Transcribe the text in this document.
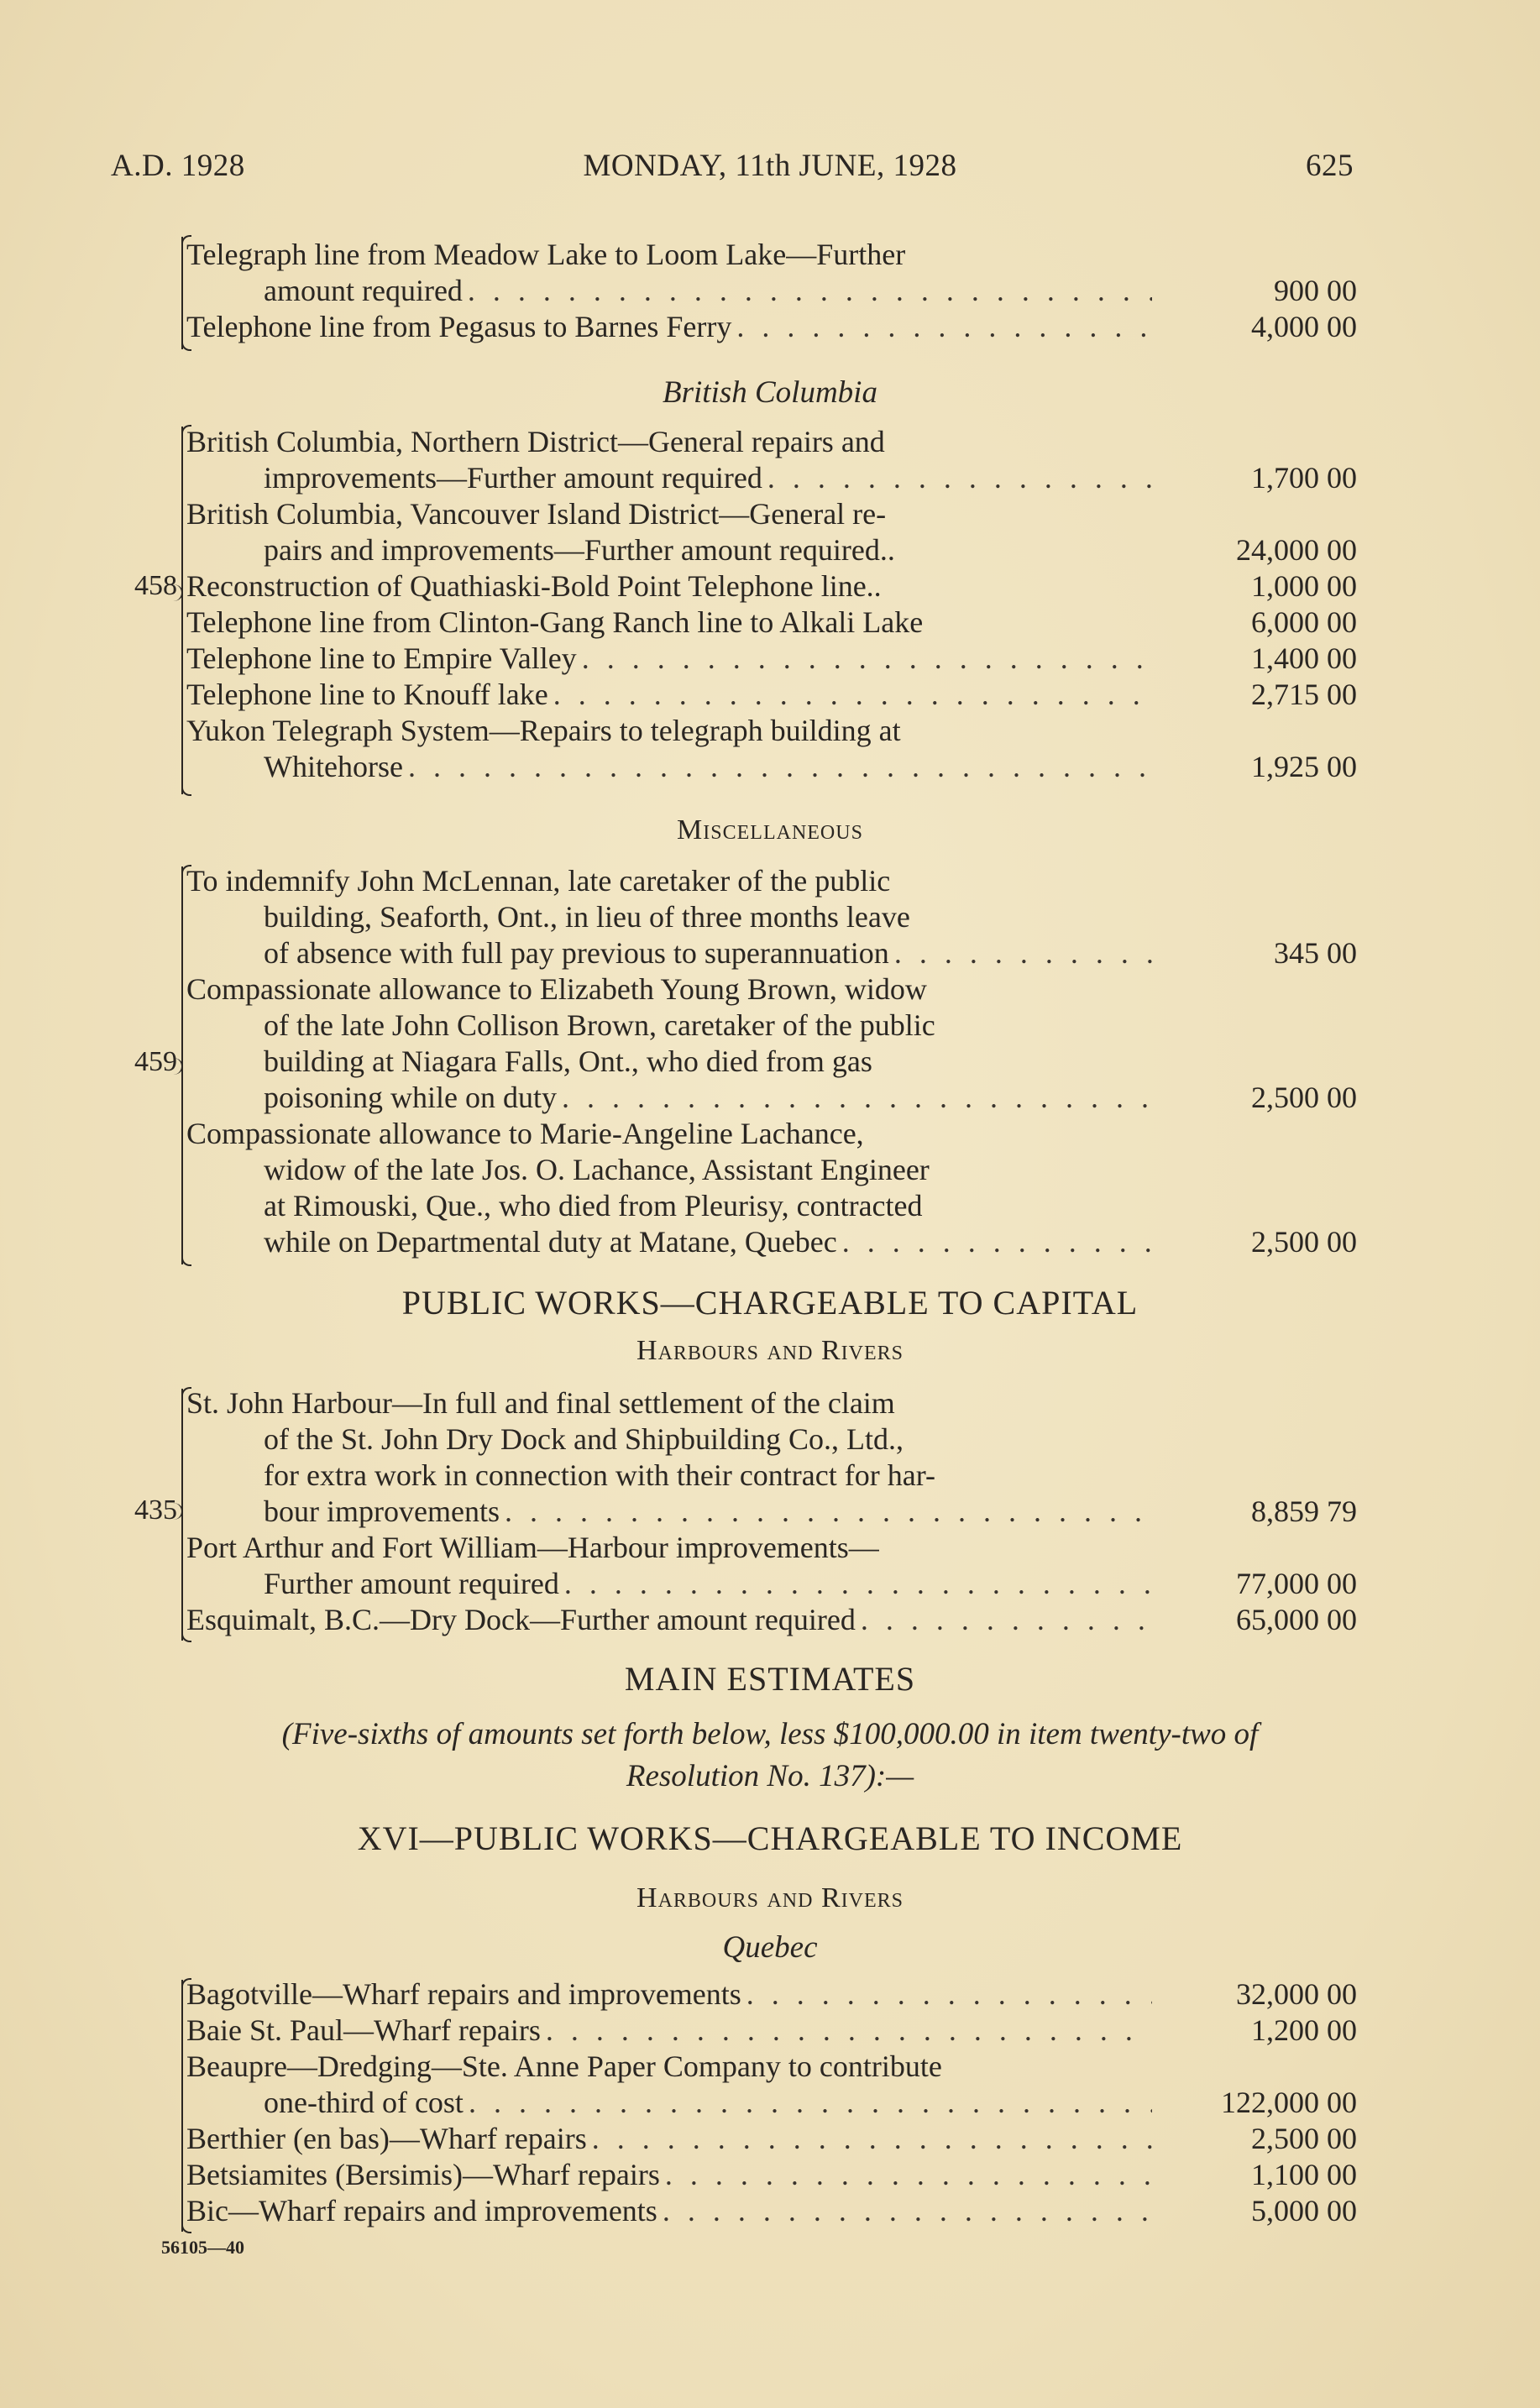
A.D. 1928	MONDAY, 11th JUNE, 1928	625
Telegraph line from Meadow Lake to Loom Lake—Further
amount required . . .	900 00
Telephone line from Pegasus to Barnes Ferry . . .	4,000 00
British Columbia
458
British Columbia, Northern District—General repairs and
improvements—Further amount required . . .	1,700 00
British Columbia, Vancouver Island District—General re-
pairs and improvements—Further amount required..	24,000 00
Reconstruction of Quathiaski-Bold Point Telephone line..	1,000 00
Telephone line from Clinton-Gang Ranch line to Alkali Lake	6,000 00
Telephone line to Empire Valley . . .	1,400 00
Telephone line to Knouff lake . . .	2,715 00
Yukon Telegraph System—Repairs to telegraph building at
Whitehorse . . .	1,925 00
Miscellaneous
459
To indemnify John McLennan, late caretaker of the public
building, Seaforth, Ont., in lieu of three months leave
of absence with full pay previous to superannuation . . .	345 00
Compassionate allowance to Elizabeth Young Brown, widow
of the late John Collison Brown, caretaker of the public
building at Niagara Falls, Ont., who died from gas
poisoning while on duty . . .	2,500 00
Compassionate allowance to Marie-Angeline Lachance,
widow of the late Jos. O. Lachance, Assistant Engineer
at Rimouski, Que., who died from Pleurisy, contracted
while on Departmental duty at Matane, Quebec . . .	2,500 00
PUBLIC WORKS—CHARGEABLE TO CAPITAL
Harbours and Rivers
435
St. John Harbour—In full and final settlement of the claim
of the St. John Dry Dock and Shipbuilding Co., Ltd.,
for extra work in connection with their contract for har-
bour improvements . . .	8,859 79
Port Arthur and Fort William—Harbour improvements—
Further amount required . . .	77,000 00
Esquimalt, B.C.—Dry Dock—Further amount required . . .	65,000 00
MAIN ESTIMATES
(Five-sixths of amounts set forth below, less $100,000.00 in item twenty-two of
Resolution No. 137):—
XVI—PUBLIC WORKS—CHARGEABLE TO INCOME
Harbours and Rivers
Quebec
Bagotville—Wharf repairs and improvements . . .	32,000 00
Baie St. Paul—Wharf repairs . . .	1,200 00
Beaupre—Dredging—Ste. Anne Paper Company to contribute
one-third of cost . . .	122,000 00
Berthier (en bas)—Wharf repairs . . .	2,500 00
Betsiamites (Bersimis)—Wharf repairs . . .	1,100 00
Bic—Wharf repairs and improvements . . .	5,000 00
56105—40
